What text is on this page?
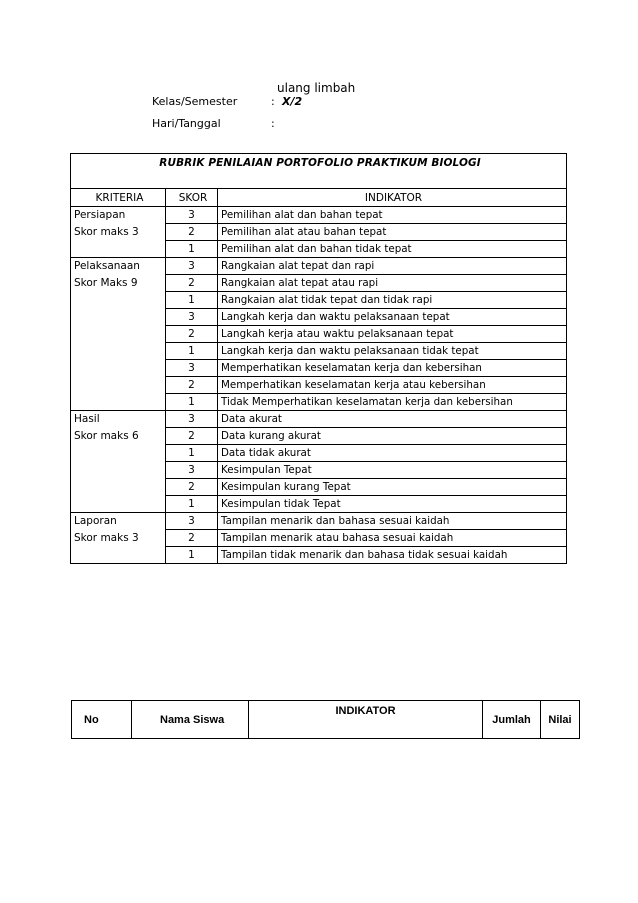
ulang limbah
Kelas/Semester	: X/2
Hari/Tanggal	:
RUBRIK PENILAIAN PORTOFOLIO PRAKTIKUM BIOLOGI		
KRITERIA	SKOR	INDIKATOR

Persiapan
Skor maks 3	3	Pemilihan alat dan bahan tepat
	2	Pemilihan alat atau bahan tepat
	1	Pemilihan alat dan bahan tidak tepat

Pelaksanaan
Skor Maks 9	3	Rangkaian alat tepat dan rapi
	2	Rangkaian alat tepat atau rapi
	1	Rangkaian alat tidak tepat dan tidak rapi
	3	Langkah kerja dan waktu pelaksanaan tepat
	2	Langkah kerja atau waktu pelaksanaan tepat
	1	Langkah kerja dan waktu pelaksanaan tidak tepat
	3	Memperhatikan keselamatan kerja dan kebersihan
	2	Memperhatikan keselamatan kerja atau kebersihan
	1	Tidak Memperhatikan keselamatan kerja dan kebersihan

Hasil
Skor maks 6	3	Data akurat
	2	Data kurang akurat
	1	Data tidak akurat
	3	Kesimpulan Tepat
	2	Kesimpulan kurang Tepat
	1	Kesimpulan tidak Tepat

Laporan
Skor maks 3	3	Tampilan menarik dan bahasa sesuai kaidah
	2	Tampilan menarik atau bahasa sesuai kaidah
	1	Tampilan tidak menarik dan bahasa tidak sesuai kaidah
No	Nama Siswa	INDIKATOR	Jumlah	Nilai
